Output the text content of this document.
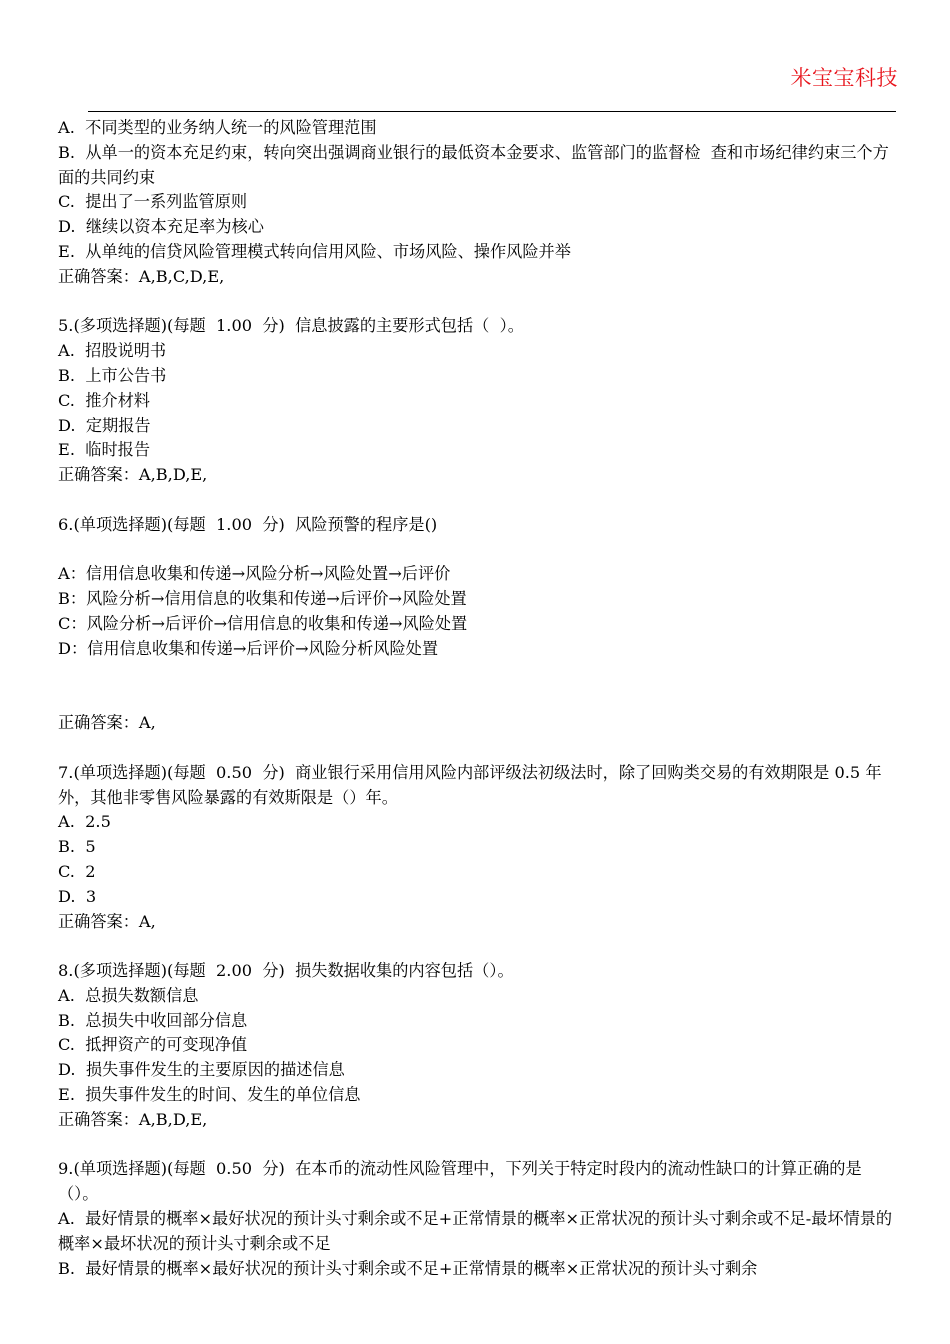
米宝宝科技

A.  不同类型的业务纳人统一的风险管理范围

B.  从单一的资本充足约束，转向突出强调商业银行的最低资本金要求、监管部门的监督检  查和市场纪律约束三个方面的共同约束

C.  提出了一系列监管原则

D.  继续以资本充足率为核心

E.  从单纯的信贷风险管理模式转向信用风险、市场风险、操作风险并举

正确答案：A,B,C,D,E,

5.(多项选择题)(每题  1.00  分)  信息披露的主要形式包括（  ）。

A.  招股说明书

B.  上市公告书

C.  推介材料

D.  定期报告

E.  临时报告

正确答案：A,B,D,E,

6.(单项选择题)(每题  1.00  分)  风险预警的程序是()

A：信用信息收集和传递→风险分析→风险处置→后评价

B：风险分析→信用信息的收集和传递→后评价→风险处置

C：风险分析→后评价→信用信息的收集和传递→风险处置

D：信用信息收集和传递→后评价→风险分析风险处置

正确答案：A,

7.(单项选择题)(每题  0.50  分)  商业银行采用信用风险内部评级法初级法时，除了回购类交易的有效期限是 0.5 年外，其他非零售风险暴露的有效斯限是（）年。

A.  2.5

B.  5

C.  2

D.  3

正确答案：A,

8.(多项选择题)(每题  2.00  分)  损失数据收集的内容包括（）。

A.  总损失数额信息

B.  总损失中收回部分信息

C.  抵押资产的可变现净值

D.  损失事件发生的主要原因的描述信息

E.  损失事件发生的时间、发生的单位信息

正确答案：A,B,D,E,

9.(单项选择题)(每题  0.50  分)  在本币的流动性风险管理中，下列关于特定时段内的流动性缺口的计算正确的是（）。

A.  最好情景的概率×最好状况的预计头寸剩余或不足+正常情景的概率×正常状况的预计头寸剩余或不足-最坏情景的概率×最坏状况的预计头寸剩余或不足

B.  最好情景的概率×最好状况的预计头寸剩余或不足+正常情景的概率×正常状况的预计头寸剩余
